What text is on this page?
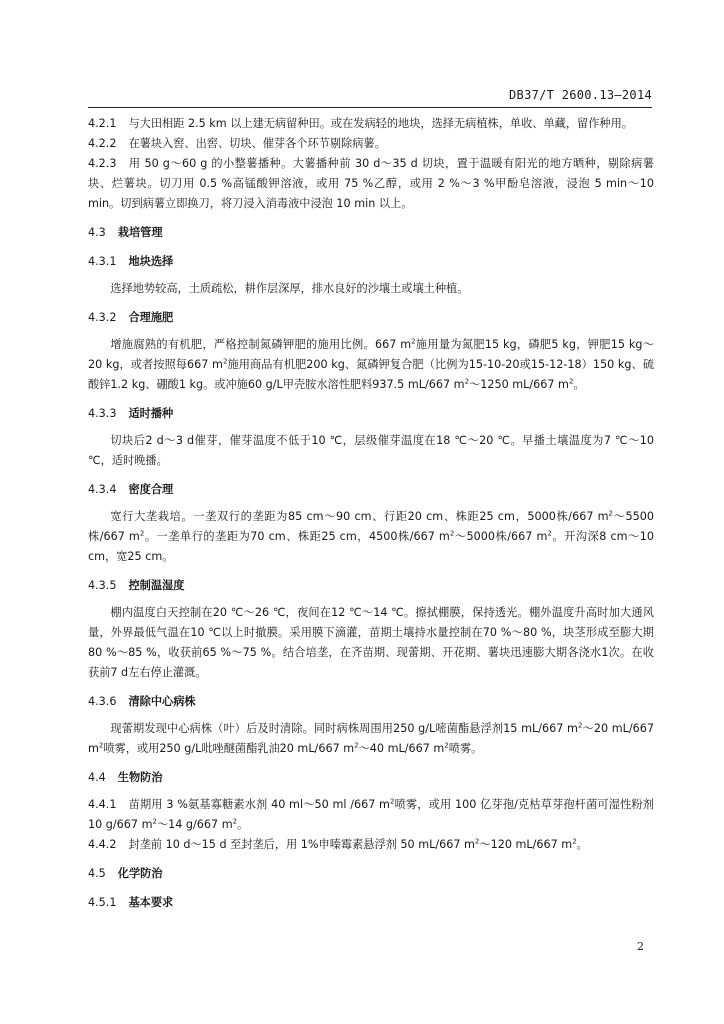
DB37/T 2600.13—2014

4.2.1 与大田相距 2.5 km 以上建无病留种田。或在发病轻的地块，选择无病植株，单收、单藏，留作种用。

4.2.2 在薯块入窖、出窖、切块、催芽各个环节剔除病薯。

4.2.3 用 50 g～60 g 的小整薯播种。大薯播种前 30 d～35 d 切块，置于温暖有阳光的地方晒种，剔除病薯块、烂薯块。切刀用 0.5 %高锰酸钾溶液，或用 75 %乙醇，或用 2 %～3 %甲酚皂溶液，浸泡 5 min～10 min。切到病薯立即换刀，将刀浸入消毒液中浸泡 10 min 以上。

4.3 栽培管理
4.3.1 地块选择

选择地势较高，土质疏松，耕作层深厚，排水良好的沙壤土或壤土种植。

4.3.2 合理施肥

增施腐熟的有机肥，严格控制氮磷钾肥的施用比例。667 $m^2$施用量为氮肥15 kg，磷肥5 kg，钾肥15 kg～20 kg，或者按照每667 $m^2$施用商品有机肥200 kg、氮磷钾复合肥（比例为15-10-20或15-12-18）150 kg、硫酸锌1.2 kg、硼酸1 kg。或冲施60 g/L甲壳胺水溶性肥料937.5 mL/667 $m^2\sim 1250$ mL/667 $m^2$。

4.3.3 适时播种

切块后2 d～3 d催芽，催芽温度不低于10 ℃，层级催芽温度在18 ℃～20 ℃。早播土壤温度为7 ℃～10 ℃，适时晚播。

4.3.4 密度合理

宽行大垄栽培。一垄双行的垄距为85 cm～90 cm、行距20 cm、株距25 cm，5000株/667 $m^2\sim 5500$株/667 $m^2$。一垄单行的垄距为70 cm、株距25 cm，4500株/667 $m^2\sim 5000$株/667 $m^2$。开沟深8 cm～10 cm，宽25 cm。

4.3.5 控制温湿度

棚内温度白天控制在20 ℃～26 ℃，夜间在12 ℃～14 ℃。擦拭棚膜，保持透光。棚外温度升高时加大通风量，外界最低气温在10 ℃以上时撤膜。采用膜下滴灌，苗期土壤持水量控制在70 %～80 %，块茎形成至膨大期80 %～85 %，收获前65 %～75 %。结合培垄，在齐苗期、现蕾期、开花期、薯块迅速膨大期各浇水1次。在收获前7 d左右停止灌溉。

4.3.6 清除中心病株

现蕾期发现中心病株（叶）后及时清除。同时病株周围用250 g/L嘧菌酯悬浮剂15 mL/667 $m^2\sim 20$ mL/667 $m^2$喷雾，或用250 g/L吡唑醚菌酯乳油20 mL/667 $m^2\sim 40$ mL/667 $m^2$喷雾。

4.4 生物防治

4.4.1 苗期用 3 %氨基寡糖素水剂 40 ml～50 ml /667 $m^2$喷雾，或用 100 亿芽孢/克枯草芽孢杆菌可湿性粉剂 10 g/667 $m^2\sim 14$ g/667 $m^2$。

4.4.2 封垄前 10 d～15 d 至封垄后，用 1%申嗪霉素悬浮剂 50 mL/667 $m^2\sim 120$ mL/667 $m^2$。

4.5 化学防治
4.5.1 基本要求
2
